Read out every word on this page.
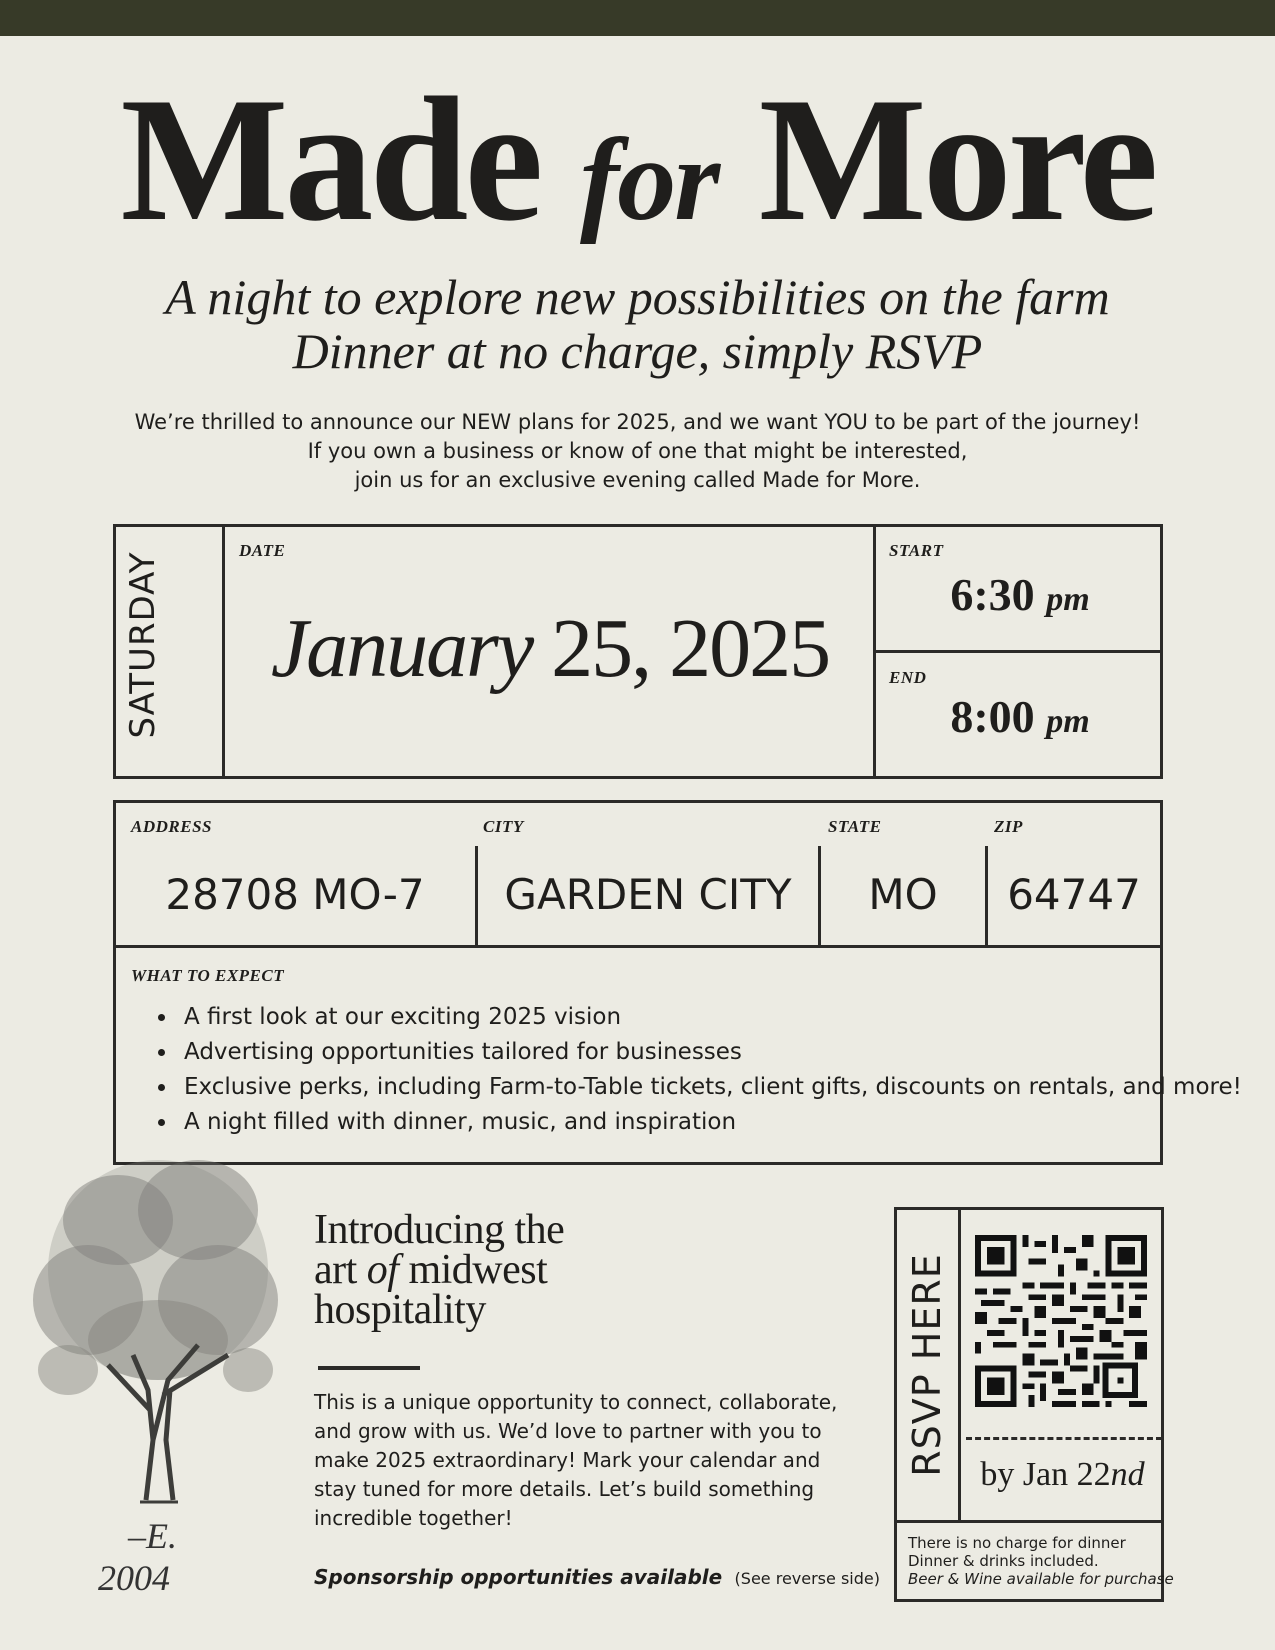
Made for More
A night to explore new possibilities on the farm
Dinner at no charge, simply RSVP
We’re thrilled to announce our NEW plans for 2025, and we want YOU to be part of the journey!
If you own a business or know of one that might be interested,
join us for an exclusive evening called Made for More.
SATURDAY
DATE
January 25, 2025
START
6:30 pm
END
8:00 pm
ADDRESS	CITY	STATE	ZIP
28708 MO-7	GARDEN CITY	MO	64747
WHAT TO EXPECT
• A first look at our exciting 2025 vision
• Advertising opportunities tailored for businesses
• Exclusive perks, including Farm-to-Table tickets, client gifts, discounts on rentals, and more!
• A night filled with dinner, music, and inspiration
–E.
2004
Introducing the
art of midwest
hospitality
This is a unique opportunity to connect, collaborate, and grow with us. We’d love to partner with you to make 2025 extraordinary! Mark your calendar and stay tuned for more details. Let’s build something incredible together!
Sponsorship opportunities available (See reverse side)
RSVP HERE by Jan 22nd
There is no charge for dinner
Dinner & drinks included.
Beer & Wine available for purchase
